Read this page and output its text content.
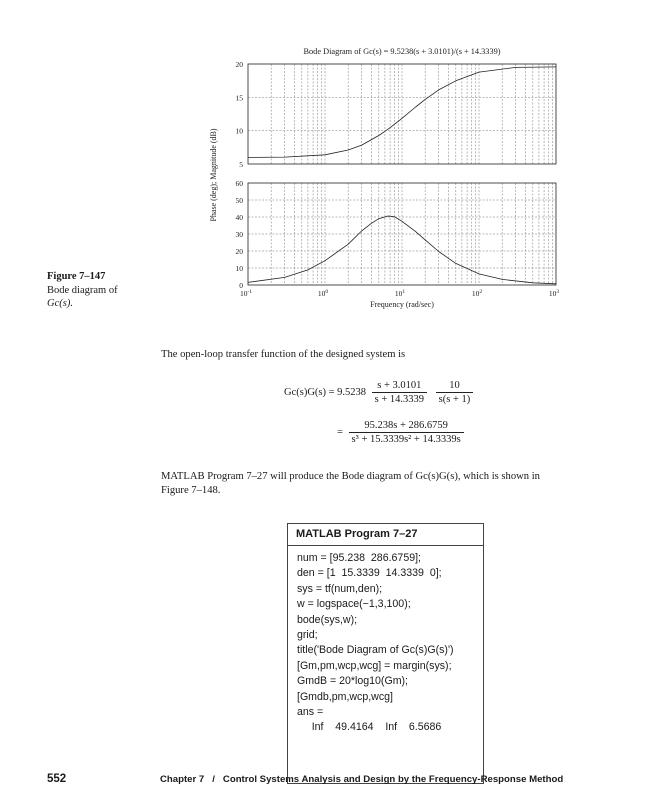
Bode Diagram of Gc(s) = 9.5238(s + 3.0101)/(s + 14.3339)
Phase (deg); Magnitude (dB)
Frequency (rad/sec)
5
10
15
20
0
10
20
30
40
50
60
$10^{-1}$	$10^0$	$10^1$	$10^2$	$10^3$
Figure 7–147
Bode diagram of
Gc(s).
The open-loop transfer function of the designed system is
$Gc(s)G(s) = 9.5238 \frac{s + 3.0101}{s + 14.3339}$
$\frac{10}{s(s + 1)}$
= $\frac{95.238s + 286.6759}{\text{s³ + 15.3339s² + 14.3339s}}$
MATLAB Program 7–27 will produce the Bode diagram of Gc(s)G(s), which is shown in
Figure 7–148.
MATLAB Program 7–27
num = [95.238  286.6759];
den = [1  15.3339  14.3339  0];
sys = tf(num,den);
w = logspace(−1,3,100);
bode(sys,w);
grid;
title('Bode Diagram of Gc(s)G(s)')
[Gm,pm,wcp,wcg] = margin(sys);
GmdB = 20*log10(Gm);
[Gmdb,pm,wcp,wcg]
ans =
Inf    49.4164    Inf    6.5686
552	Chapter 7   /   Control Systems Analysis and Design by the Frequency-Response Method
